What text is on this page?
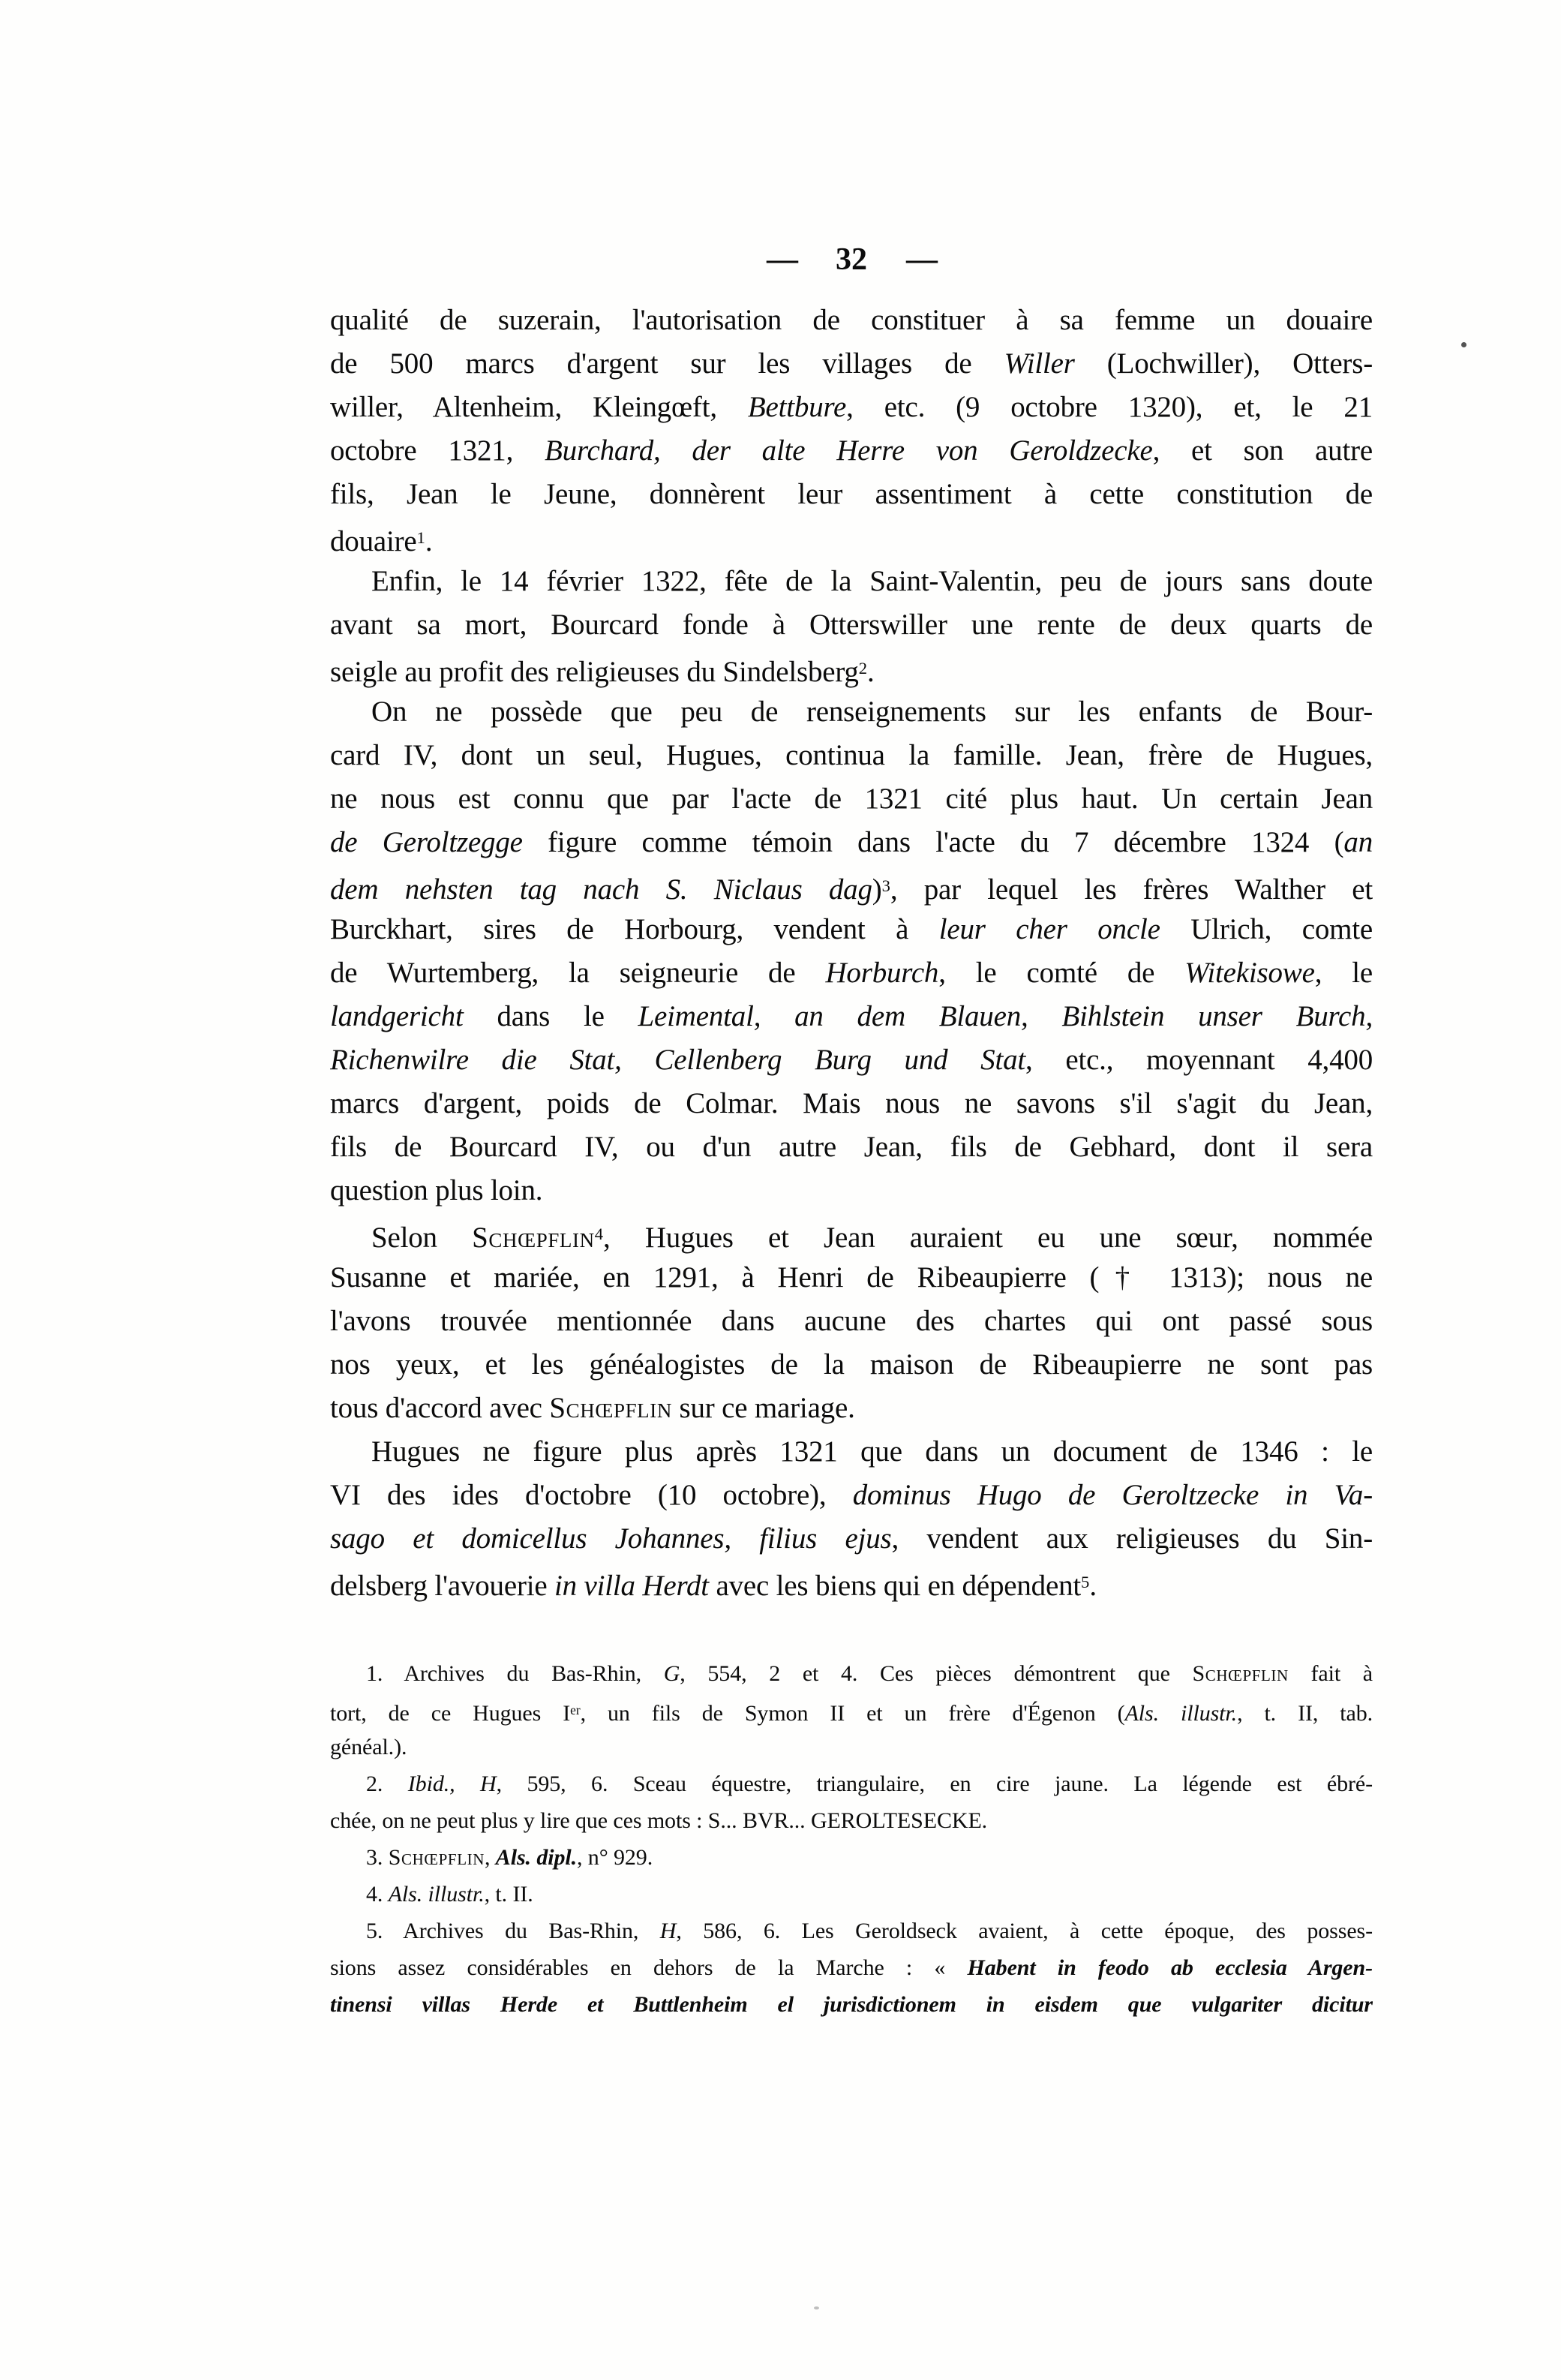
— 32 —
qualité de suzerain, l'autorisation de constituer à sa femme un douaire
de 500 marcs d'argent sur les villages de Willer (Lochwiller), Otters-
willer, Altenheim, Kleingœft, Bettbure, etc. (9 octobre 1320), et, le 21
octobre 1321, Burchard, der alte Herre von Geroldzecke, et son autre
fils, Jean le Jeune, donnèrent leur assentiment à cette constitution de
douaire$^1$.
Enfin, le 14 février 1322, fête de la Saint-Valentin, peu de jours sans doute
avant sa mort, Bourcard fonde à Otterswiller une rente de deux quarts de
seigle au profit des religieuses du Sindelsberg$^2$.
On ne possède que peu de renseignements sur les enfants de Bour-
card IV, dont un seul, Hugues, continua la famille. Jean, frère de Hugues,
ne nous est connu que par l'acte de 1321 cité plus haut. Un certain Jean
de Geroltzegge figure comme témoin dans l'acte du 7 décembre 1324 (an
dem nehsten tag nach S. Niclaus dag)$^3$, par lequel les frères Walther et
Burckhart, sires de Horbourg, vendent à leur cher oncle Ulrich, comte
de Wurtemberg, la seigneurie de Horburch, le comté de Witekisowe, le
landgericht dans le Leimental, an dem Blauen, Bihlstein unser Burch,
Richenwilre die Stat, Cellenberg Burg und Stat, etc., moyennant 4,400
marcs d'argent, poids de Colmar. Mais nous ne savons s'il s'agit du Jean,
fils de Bourcard IV, ou d'un autre Jean, fils de Gebhard, dont il sera
question plus loin.
Selon Schœpflin$^4$, Hugues et Jean auraient eu une sœur, nommée
Susanne et mariée, en 1291, à Henri de Ribeaupierre († 1313); nous ne
l'avons trouvée mentionnée dans aucune des chartes qui ont passé sous
nos yeux, et les généalogistes de la maison de Ribeaupierre ne sont pas
tous d'accord avec Schœpflin sur ce mariage.
Hugues ne figure plus après 1321 que dans un document de 1346 : le
VI des ides d'octobre (10 octobre), dominus Hugo de Geroltzecke in Va-
sago et domicellus Johannes, filius ejus, vendent aux religieuses du Sin-
delsberg l'avouerie in villa Herdt avec les biens qui en dépendent$^5$.
1. Archives du Bas-Rhin, G, 554, 2 et 4. Ces pièces démontrent que Schœpflin fait à
tort, de ce Hugues Ier, un fils de Symon II et un frère d'Égenon (Als. illustr., t. II, tab.
généal.).
2. Ibid., H, 595, 6. Sceau équestre, triangulaire, en cire jaune. La légende est ébré-
chée, on ne peut plus y lire que ces mots : S... BVR... GEROLTESECKE.
3. Schœpflin, Als. dipl., n° 929.
4. Als. illustr., t. II.
5. Archives du Bas-Rhin, H, 586, 6. Les Geroldseck avaient, à cette époque, des posses-
sions assez considérables en dehors de la Marche : « Habent in feodo ab ecclesia Argen-
tinensi villas Herde et Buttlenheim el jurisdictionem in eisdem que vulgariter dicitur
